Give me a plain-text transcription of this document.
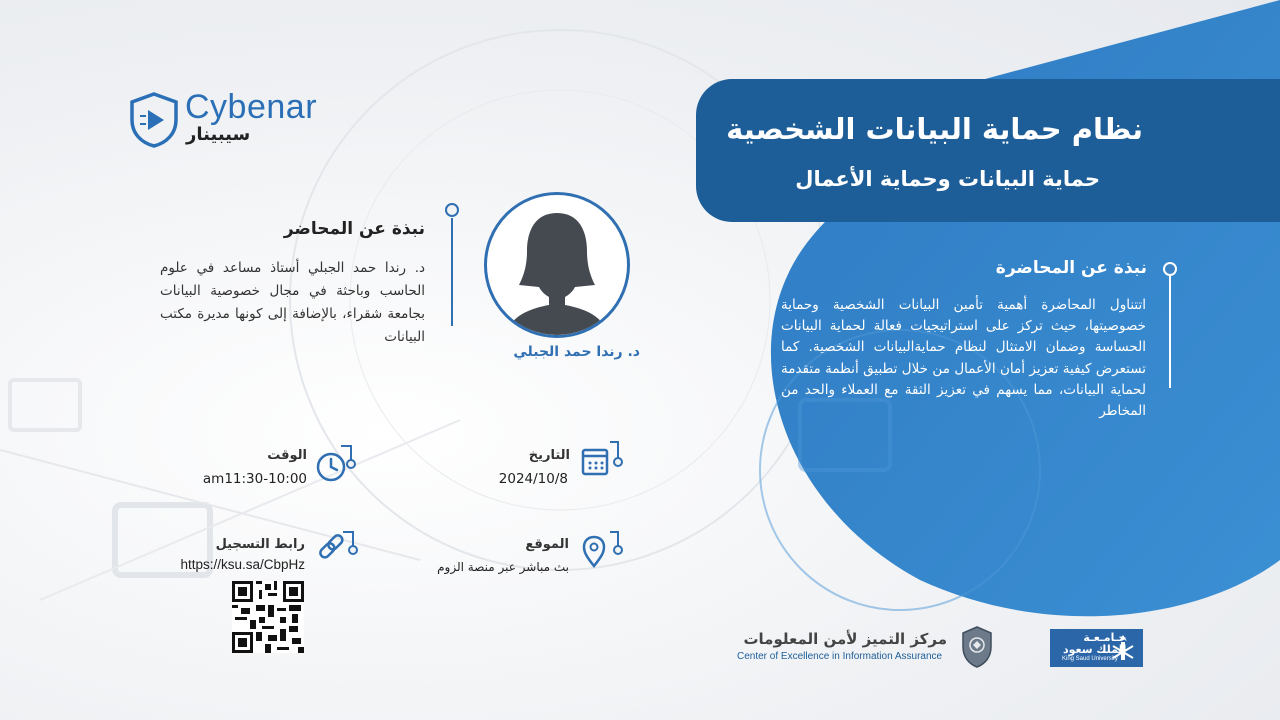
Cybenar
سيبينار	نظام حماية البيانات الشخصية
حماية البيانات وحماية الأعمال
نبذة عن المحاضرة
اتتناول المحاضرة أهمية تأمين البيانات الشخصية وحماية خصوصيتها، حيث تركز على استراتيجيات فعالة لحماية البيانات الحساسة وضمان الامتثال لنظام حمايةالبيانات الشخصية. كما تستعرض كيفية تعزيز أمان الأعمال من خلال تطبيق أنظمة متقدمة لحماية البيانات، مما يسهم في تعزيز الثقة مع العملاء والحد من المخاطر
نبذة عن المحاضر
د. رندا حمد الجبلي أستاذ مساعد في علوم الحاسب وباحثة في مجال خصوصية البيانات بجامعة شقراء، بالإضافة إلى كونها مديرة مكتب البيانات
د. رندا حمد الجبلي
الوقت
am11:30-10:00
التاريخ
2024/10/8
رابط التسجيل
https://ksu.sa/CbpHz
الموقع
بث مباشر عبر منصة الزوم
مركز التميز لأمن المعلومات
Center of Excellence in Information Assurance
جـامـعـة
الملك سعود
King Saud University
